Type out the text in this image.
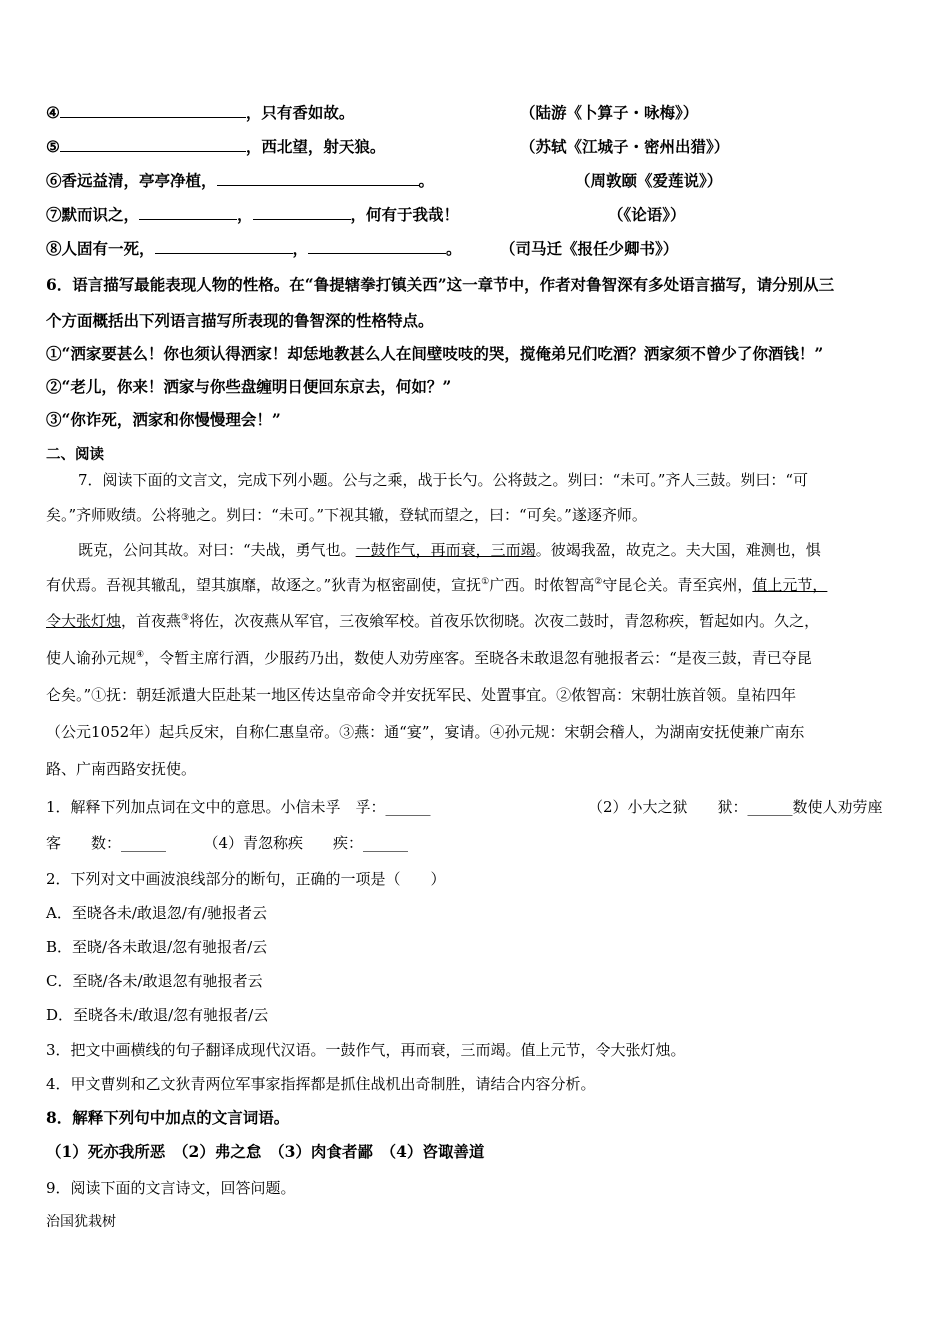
④	，只有香如故。	（陆游《卜算子・咏梅》）
⑤	，西北望，射天狼。	（苏轼《江城子・密州出猎》）
⑥香远益清，亭亭净植，	。	（周敦颐《爱莲说》）
⑦默而识之，	，	，何有于我哉！	（《论语》）
⑧人固有一死，	，	。 （司马迁《报任少卿书》）
6．语言描写最能表现人物的性格。在“鲁提辖拳打镇关西”这一章节中，作者对鲁智深有多处语言描写，请分别从三
个方面概括出下列语言描写所表现的鲁智深的性格特点。
①“洒家要甚么！你也须认得洒家！却恁地教甚么人在间壁吱吱的哭，搅俺弟兄们吃酒？洒家须不曾少了你酒钱！”
②“老儿，你来！洒家与你些盘缠明日便回东京去，何如？”
③“你诈死，洒家和你慢慢理会！”
二、阅读
7．阅读下面的文言文，完成下列小题。公与之乘，战于长勺。公将鼓之。刿曰：“未可。”齐人三鼓。刿曰：“可
矣。”齐师败绩。公将驰之。刿曰：“未可。”下视其辙，登轼而望之，曰：“可矣。”遂逐齐师。
既克，公问其故。对曰：“夫战，勇气也。一鼓作气，再而衰，三而竭。彼竭我盈，故克之。夫大国，难测也，惧
有伏焉。吾视其辙乱，望其旗靡，故逐之。”狄青为枢密副使，宣抚①广西。时侬智高②守昆仑关。青至宾州，值上元节，
令大张灯烛，首夜燕③将佐，次夜燕从军官，三夜飨军校。首夜乐饮彻晓。次夜二鼓时，青忽称疾，暂起如内。久之，
使人谕孙元规④，令暂主席行酒，少服药乃出，数使人劝劳座客。至晓各未敢退忽有驰报者云：“是夜三鼓，青已夺昆
仑矣。”①抚：朝廷派遣大臣赴某一地区传达皇帝命令并安抚军民、处置事宜。②侬智高：宋朝壮族首领。皇祐四年
（公元1052年）起兵反宋，自称仁惠皇帝。③燕：通“宴”，宴请。④孙元规：宋朝会稽人，为湖南安抚使兼广南东
路、广南西路安抚使。
1．解释下列加点词在文中的意思。小信未孚　孚：______	（2）小大之狱　　狱：______数使人劝劳座
客　　数：______　　　（4）青忽称疾　　疾：______
2．下列对文中画波浪线部分的断句，正确的一项是（　　）
A．至晓各未/敢退忽/有/驰报者云
B．至晓/各未敢退/忽有驰报者/云
C．至晓/各未/敢退忽有驰报者云
D．至晓各未/敢退/忽有驰报者/云
3．把文中画横线的句子翻译成现代汉语。一鼓作气，再而衰，三而竭。值上元节，令大张灯烛。
4．甲文曹刿和乙文狄青两位军事家指挥都是抓住战机出奇制胜，请结合内容分析。
8．解释下列句中加点的文言词语。
（1）死亦我所恶　（2）弗之怠　（3）肉食者鄙　（4）咨诹善道
9．阅读下面的文言诗文，回答问题。
治国犹栽树
